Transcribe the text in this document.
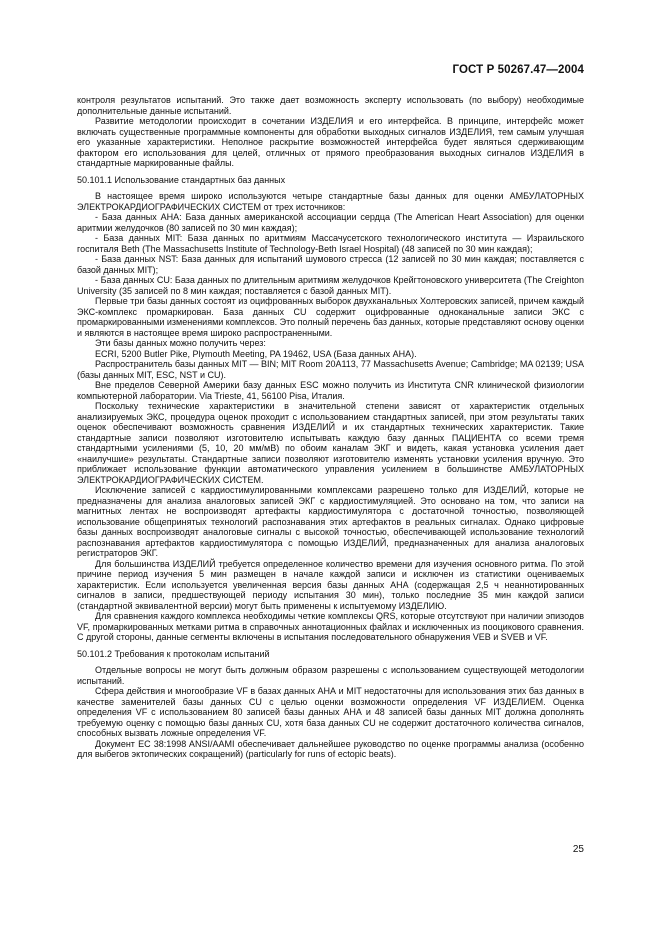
ГОСТ Р 50267.47—2004

контроля результатов испытаний. Это также дает возможность эксперту использовать (по выбору) необходимые дополнительные данные испытаний.

Развитие методологии происходит в сочетании ИЗДЕЛИЯ и его интерфейса. В принципе, интерфейс может включать существенные программные компоненты для обработки выходных сигналов ИЗДЕЛИЯ, тем самым улучшая его указанные характеристики. Неполное раскрытие возможностей интерфейса будет являться сдерживающим фактором его использования для целей, отличных от прямого преобразования выходных сигналов ИЗДЕЛИЯ в стандартные маркированные файлы.

50.101.1 Использование стандартных баз данных

В настоящее время широко используются четыре стандартные базы данных для оценки АМБУЛАТОРНЫХ ЭЛЕКТРОКАРДИОГРАФИЧЕСКИХ СИСТЕМ от трех источников:

- База данных АНА: База данных американской ассоциации сердца (The American Heart Association) для оценки аритмии желудочков (80 записей по 30 мин каждая);

- База данных MIT: База данных по аритмиям Массачусетского технологического института — Израильского госпиталя Beth (The Massachusetts Institute of Technology-Beth Israel Hospital) (48 записей по 30 мин каждая);

- База данных NST: База данных для испытаний шумового стресса (12 записей по 30 мин каждая; поставляется с базой данных MIT);

- База данных CU: База данных по длительным аритмиям желудочков Крейгтоновского университета (The Creighton University (35 записей по 8 мин каждая; поставляется с базой данных MIT).

Первые три базы данных состоят из оцифрованных выборок двухканальных Холтеровских записей, причем каждый ЭКС-комплекс промаркирован. База данных CU содержит оцифрованные одноканальные записи ЭКС с промаркированными изменениями комплексов. Это полный перечень баз данных, которые представляют основу оценки и являются в настоящее время широко распространенными.

Эти базы данных можно получить через:

ECRI, 5200 Butler Pike, Plymouth Meeting, PA 19462, USA (База данных АНА).

Распространитель базы данных MIT — BIN; MIT Room 20A113, 77 Massachusetts Avenue; Cambridge; MA 02139; USA (базы данных MIT, ESC, NST и CU).

Вне пределов Северной Америки базу данных ESC можно получить из Института CNR клинической физиологии компьютерной лаборатории. Via Trieste, 41, 56100 Pisa, Италия.

Поскольку технические характеристики в значительной степени зависят от характеристик отдельных анализируемых ЭКС, процедура оценок проходит с использованием стандартных записей, при этом результаты таких оценок обеспечивают возможность сравнения ИЗДЕЛИЙ и их стандартных технических характеристик. Такие стандартные записи позволяют изготовителю испытывать каждую базу данных ПАЦИЕНТА со всеми тремя стандартными усилениями (5, 10, 20 мм/мВ) по обоим каналам ЭКГ и видеть, какая установка усиления дает «наилучшие» результаты. Стандартные записи позволяют изготовителю изменять установки усиления вручную. Это приближает использование функции автоматического управления усилением в большинстве АМБУЛАТОРНЫХ ЭЛЕКТРОКАРДИОГРАФИЧЕСКИХ СИСТЕМ.

Исключение записей с кардиостимулированными комплексами разрешено только для ИЗДЕЛИЙ, которые не предназначены для анализа аналоговых записей ЭКГ с кардиостимуляцией. Это основано на том, что записи на магнитных лентах не воспроизводят артефакты кардиостимулятора с достаточной точностью, позволяющей использование общепринятых технологий распознавания этих артефактов в реальных сигналах. Однако цифровые базы данных воспроизводят аналоговые сигналы с высокой точностью, обеспечивающей использование технологий распознавания артефактов кардиостимулятора с помощью ИЗДЕЛИЙ, предназначенных для анализа аналоговых регистраторов ЭКГ.

Для большинства ИЗДЕЛИЙ требуется определенное количество времени для изучения основного ритма. По этой причине период изучения 5 мин размещен в начале каждой записи и исключен из статистики оцениваемых характеристик. Если используется увеличенная версия базы данных АНА (содержащая 2,5 ч неаннотированных сигналов в записи, предшествующей периоду испытания 30 мин), только последние 35 мин каждой записи (стандартной эквивалентной версии) могут быть применены к испытуемому ИЗДЕЛИЮ.

Для сравнения каждого комплекса необходимы четкие комплексы QRS, которые отсутствуют при наличии эпизодов VF, промаркированных метками ритма в справочных аннотационных файлах и исключенных из пооцикового сравнения. С другой стороны, данные сегменты включены в испытания последовательного обнаружения VEB и SVEB и VF.

50.101.2 Требования к протоколам испытаний

Отдельные вопросы не могут быть должным образом разрешены с использованием существующей методологии испытаний.

Сфера действия и многообразие VF в базах данных АНА и MIT недостаточны для использования этих баз данных в качестве заменителей базы данных CU с целью оценки возможности определения VF ИЗДЕЛИЕМ. Оценка определения VF с использованием 80 записей базы данных АНА и 48 записей базы данных MIT должна дополнять требуемую оценку с помощью базы данных CU, хотя база данных CU не содержит достаточного количества сигналов, способных вызвать ложные определения VF.

Документ EC 38:1998 ANSI/AAMI обеспечивает дальнейшее руководство по оценке программы анализа (особенно для выбегов эктопических сокращений) (particularly for runs of ectopic beats).

25
